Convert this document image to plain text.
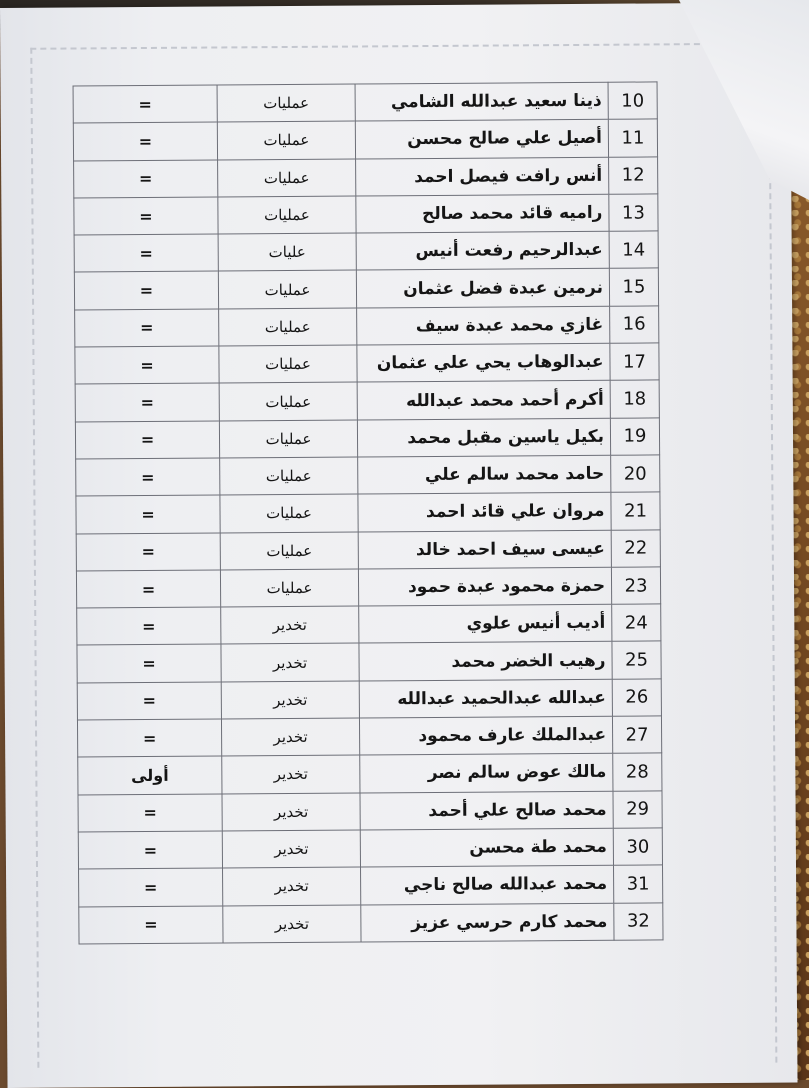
10	ذينا سعيد عبدالله الشامي	عمليات	=
11	أصيل علي صالح محسن	عمليات	=
12	أنس رافت فيصل احمد	عمليات	=
13	راميه قائد محمد صالح	عمليات	=
14	عبدالرحيم رفعت أنيس	عليات	=
15	نرمين عبدة فضل عثمان	عمليات	=
16	غازي محمد عبدة سيف	عمليات	=
17	عبدالوهاب يحي علي عثمان	عمليات	=
18	أكرم أحمد محمد عبدالله	عمليات	=
19	بكيل ياسين مقبل محمد	عمليات	=
20	حامد محمد سالم علي	عمليات	=
21	مروان علي قائد احمد	عمليات	=
22	عيسى سيف احمد خالد	عمليات	=
23	حمزة محمود عبدة حمود	عمليات	=
24	أديب أنيس علوي	تخدير	=
25	رهيب الخضر محمد	تخدير	=
26	عبدالله عبدالحميد عبدالله	تخدير	=
27	عبدالملك عارف محمود	تخدير	=
28	مالك عوض سالم نصر	تخدير	أولى
29	محمد صالح علي أحمد	تخدير	=
30	محمد طة محسن	تخدير	=
31	محمد عبدالله صالح ناجي	تخدير	=
32	محمد كارم حرسي عزيز	تخدير	=
